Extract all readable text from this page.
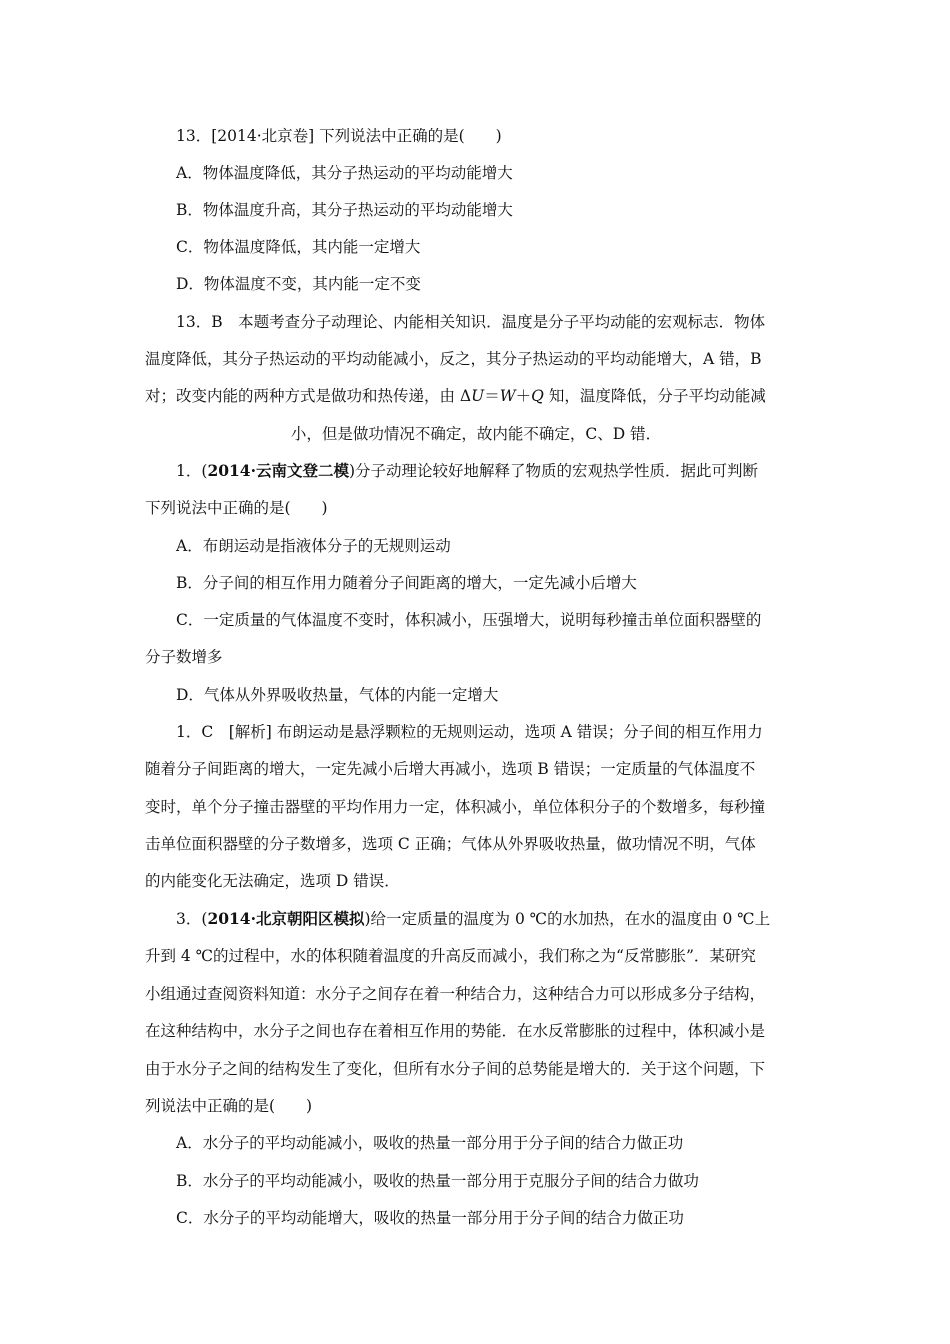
13．[2014·北京卷] 下列说法中正确的是(　　)
A．物体温度降低，其分子热运动的平均动能增大
B．物体温度升高，其分子热运动的平均动能增大
C．物体温度降低，其内能一定增大
D．物体温度不变，其内能一定不变
13．B　本题考查分子动理论、内能相关知识．温度是分子平均动能的宏观标志．物体
温度降低，其分子热运动的平均动能减小，反之，其分子热运动的平均动能增大，A 错，B
对；改变内能的两种方式是做功和热传递，由 ΔU＝W＋Q 知，温度降低，分子平均动能减
小，但是做功情况不确定，故内能不确定，C、D 错．
1．(2014·云南文登二模)分子动理论较好地解释了物质的宏观热学性质．据此可判断
下列说法中正确的是(　　)
A．布朗运动是指液体分子的无规则运动
B．分子间的相互作用力随着分子间距离的增大，一定先减小后增大
C．一定质量的气体温度不变时，体积减小，压强增大，说明每秒撞击单位面积器壁的
分子数增多
D．气体从外界吸收热量，气体的内能一定增大
1．C　[解析] 布朗运动是悬浮颗粒的无规则运动，选项 A 错误；分子间的相互作用力
随着分子间距离的增大，一定先减小后增大再减小，选项 B 错误；一定质量的气体温度不
变时，单个分子撞击器壁的平均作用力一定，体积减小，单位体积分子的个数增多，每秒撞
击单位面积器壁的分子数增多，选项 C 正确；气体从外界吸收热量，做功情况不明，气体
的内能变化无法确定，选项 D 错误．
3．(2014·北京朝阳区模拟)给一定质量的温度为 0 ℃的水加热，在水的温度由 0 ℃上
升到 4 ℃的过程中，水的体积随着温度的升高反而减小，我们称之为“反常膨胀”．某研究
小组通过查阅资料知道：水分子之间存在着一种结合力，这种结合力可以形成多分子结构，
在这种结构中，水分子之间也存在着相互作用的势能．在水反常膨胀的过程中，体积减小是
由于水分子之间的结构发生了变化，但所有水分子间的总势能是增大的．关于这个问题，下
列说法中正确的是(　　)
A．水分子的平均动能减小，吸收的热量一部分用于分子间的结合力做正功
B．水分子的平均动能减小，吸收的热量一部分用于克服分子间的结合力做功
C．水分子的平均动能增大，吸收的热量一部分用于分子间的结合力做正功
